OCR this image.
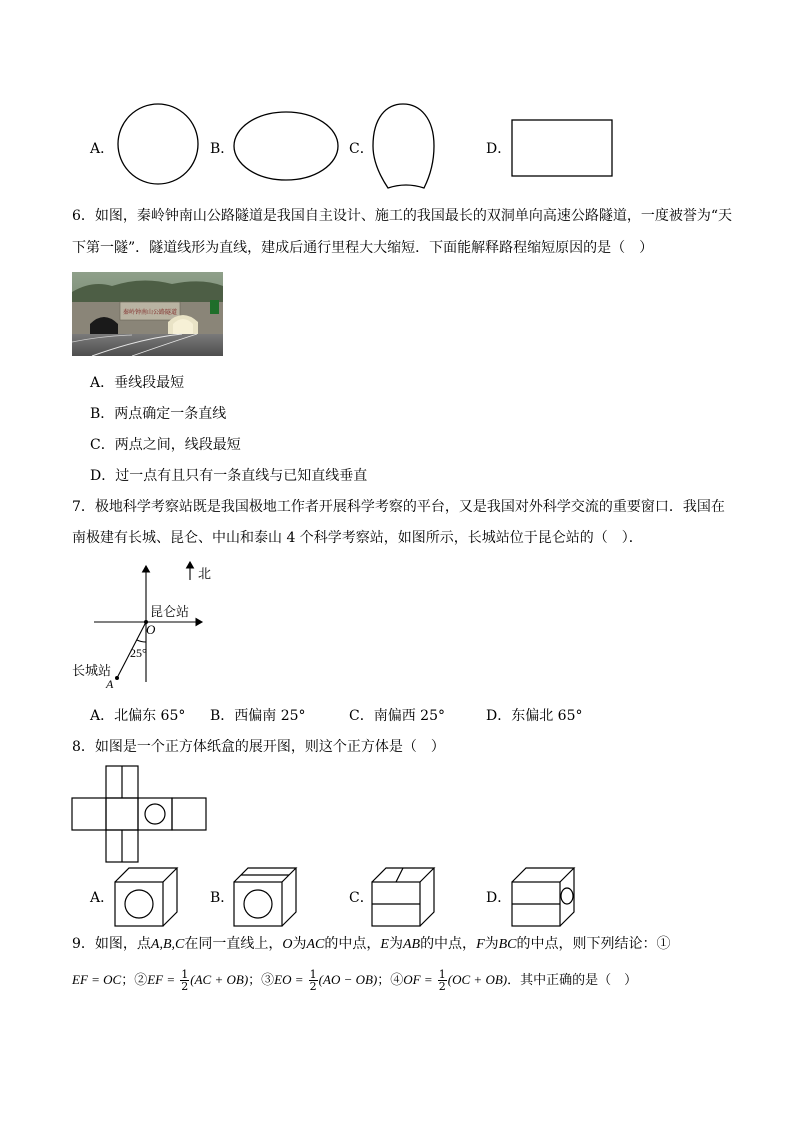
A．	B．	C．	D．
6．如图，秦岭钟南山公路隧道是我国自主设计、施工的我国最长的双洞单向高速公路隧道，一度被誉为“天
下第一隧”．隧道线形为直线，建成后通行里程大大缩短．下面能解释路程缩短原因的是（　）
秦岭钟南山公路隧道
A．垂线段最短
B．两点确定一条直线
C．两点之间，线段最短
D．过一点有且只有一条直线与已知直线垂直
7．极地科学考察站既是我国极地工作者开展科学考察的平台，又是我国对外科学交流的重要窗口．我国在
南极建有长城、昆仑、中山和泰山 4 个科学考察站，如图所示，长城站位于昆仑站的（　）．
北
昆仑站
O
25°
长城站
A
A．北偏东 65° B．西偏南 25°	C．南偏西 25°	D．东偏北 65°
8．如图是一个正方体纸盒的展开图，则这个正方体是（　）
A．	B．	C．	D．
9．如图，点A,B,C在同一直线上，O为AC的中点，E为AB的中点，F为BC的中点，则下列结论：①
EF = OC；②EF = $\frac{1}{2} (AC + OB)$；③EO = $\frac{1}{2} (AO - OB)$；④OF = $\frac{1}{2} (OC + OB)$．其中正确的是（　）
